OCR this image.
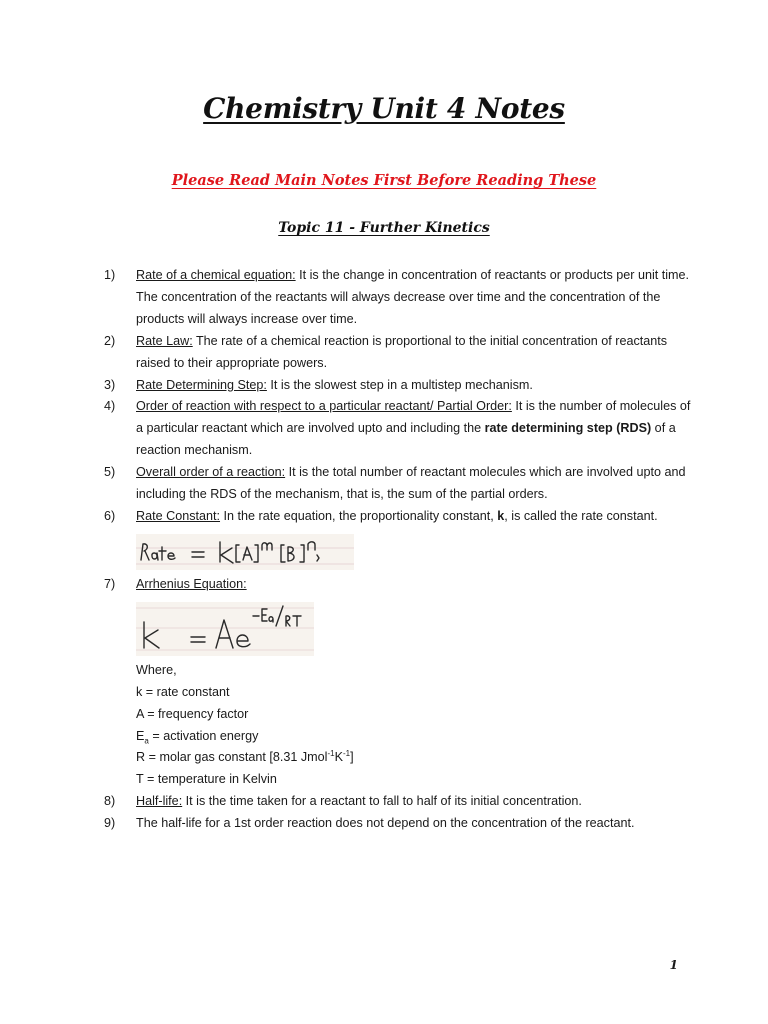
Chemistry Unit 4 Notes
Please Read Main Notes First Before Reading These
Topic 11 - Further Kinetics
1)	Rate of a chemical equation: It is the change in concentration of reactants or products per unit time. The concentration of the reactants will always decrease over time and the concentration of the products will always increase over time.
2)	Rate Law: The rate of a chemical reaction is proportional to the initial concentration of reactants raised to their appropriate powers.
3)	Rate Determining Step: It is the slowest step in a multistep mechanism.
4)	Order of reaction with respect to a particular reactant/ Partial Order: It is the number of molecules of a particular reactant which are involved upto and including the rate determining step (RDS) of a reaction mechanism.
5)	Overall order of a reaction: It is the total number of reactant molecules which are involved upto and including the RDS of the mechanism, that is, the sum of the partial orders.
6)	Rate Constant: In the rate equation, the proportionality constant, k, is called the rate constant.
7)	Arrhenius Equation:
Where,
k = rate constant
A = frequency factor
$E_a$ = activation energy
R = molar gas constant [8.31 $Jmol^{-1}K^{-1}$]
T = temperature in Kelvin
8)	Half-life: It is the time taken for a reactant to fall to half of its initial concentration.
9)	The half-life for a 1st order reaction does not depend on the concentration of the reactant.
1
